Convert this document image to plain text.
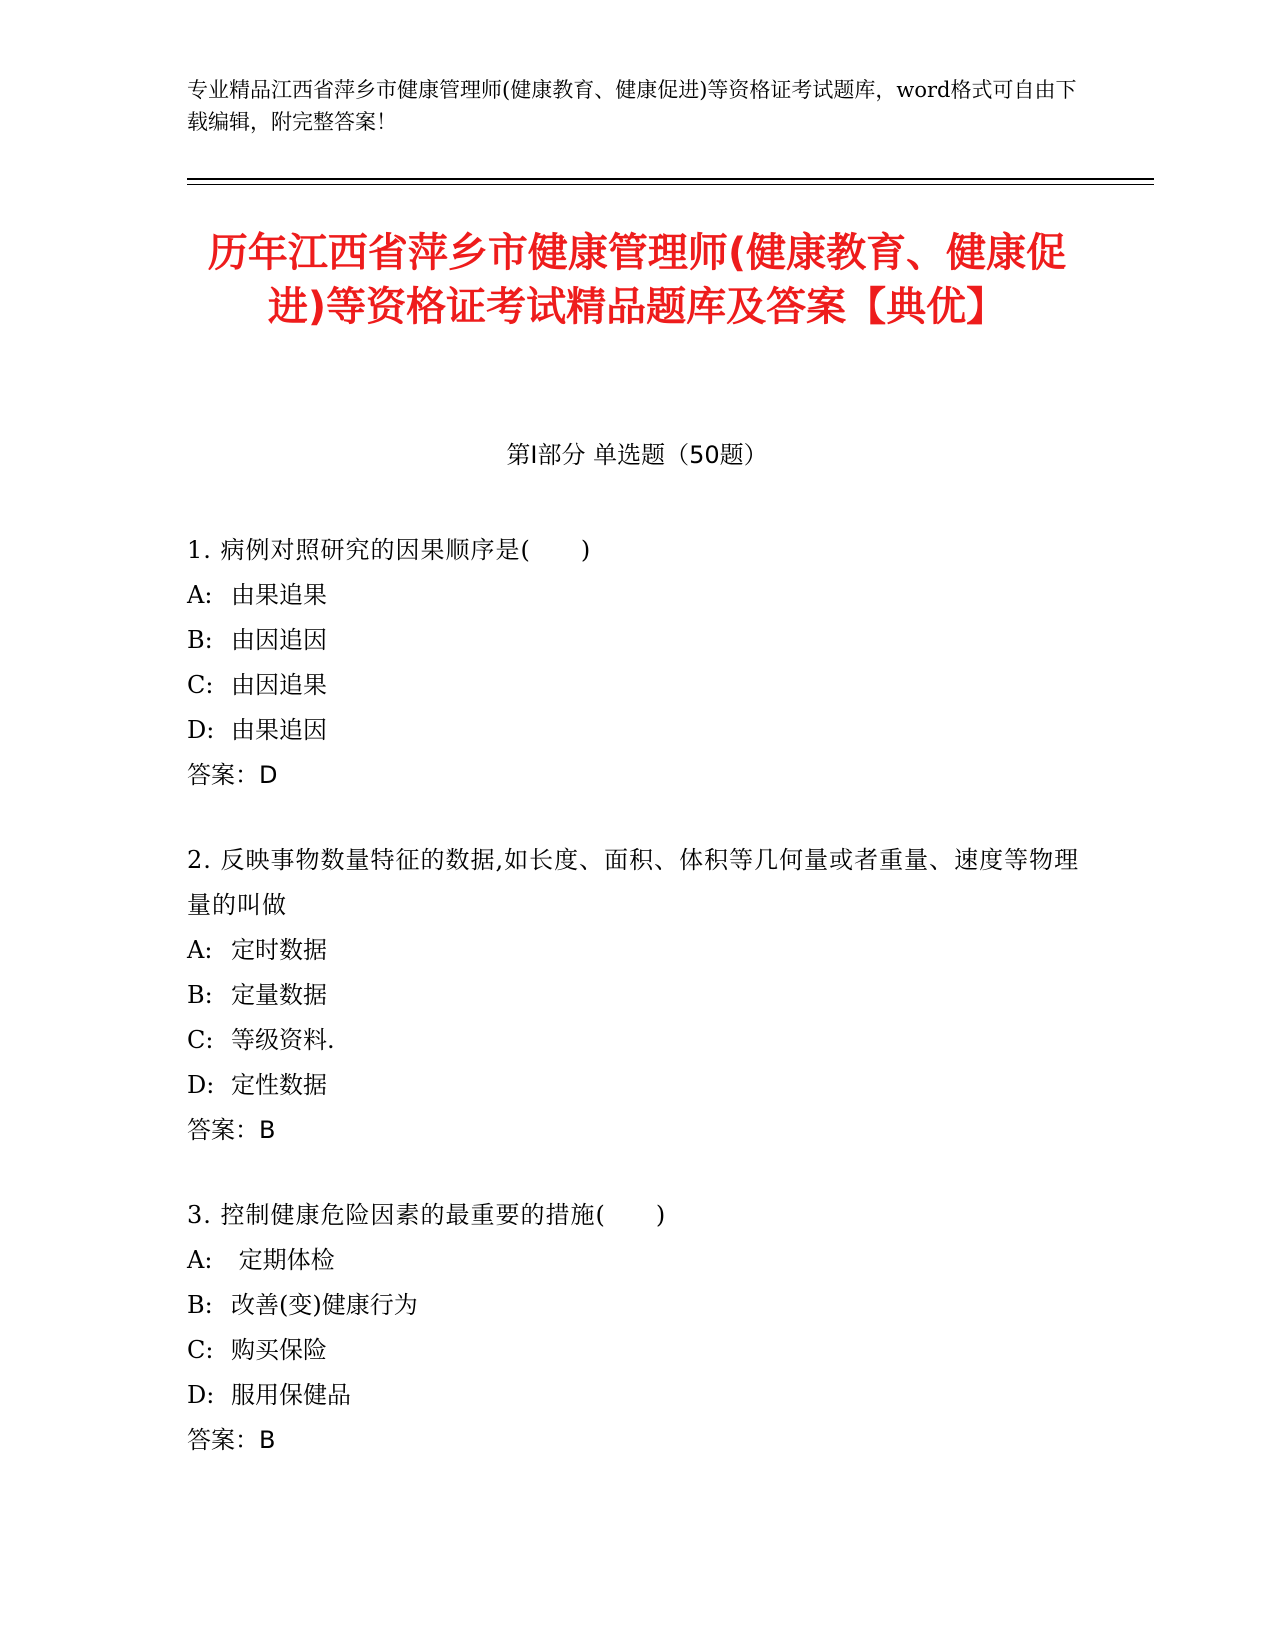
专业精品江西省萍乡市健康管理师(健康教育、健康促进)等资格证考试题库，word格式可自由下载编辑，附完整答案！
历年江西省萍乡市健康管理师(健康教育、健康促进)等资格证考试精品题库及答案【典优】
第Ⅰ部分 单选题（50题）
1. 病例对照研究的因果顺序是(　　)
A: 由果追果
B: 由因追因
C: 由因追果
D: 由果追因
答案：D
2. 反映事物数量特征的数据,如长度、面积、体积等几何量或者重量、速度等物理量的叫做
A: 定时数据
B: 定量数据
C: 等级资料.
D: 定性数据
答案：B
3. 控制健康危险因素的最重要的措施(　　)
A: 定期体检
B: 改善(变)健康行为
C: 购买保险
D: 服用保健品
答案：B
